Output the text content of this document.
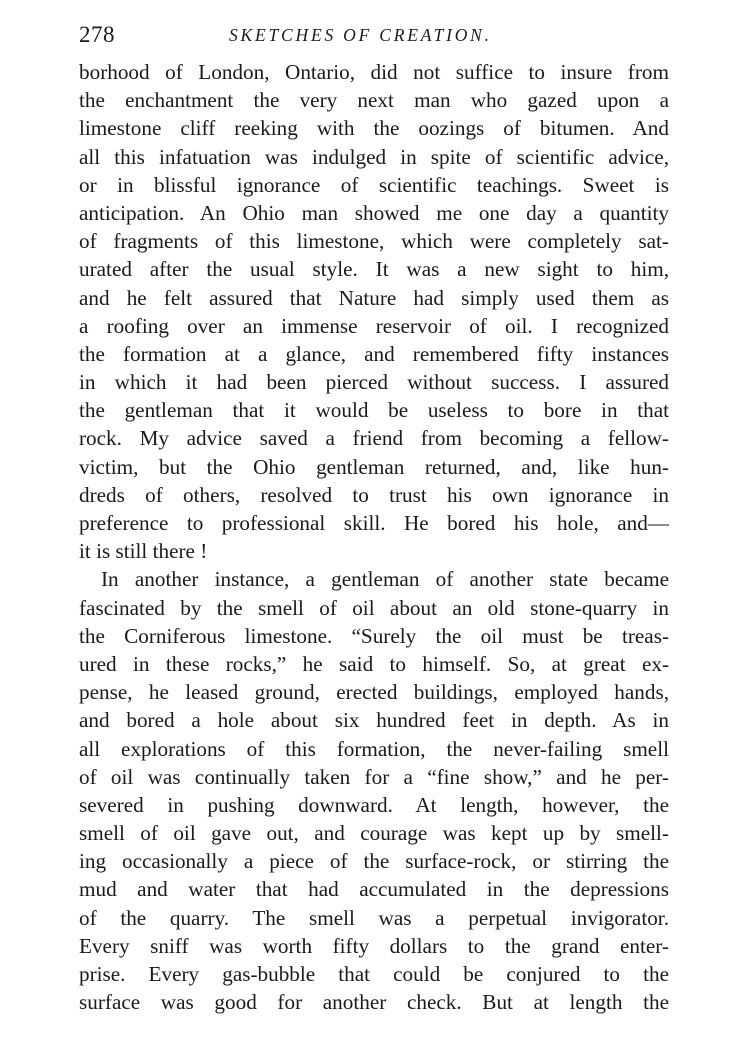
278	SKETCHES OF CREATION.
borhood of London, Ontario, did not suffice to insure from
the enchantment the very next man who gazed upon a
limestone cliff reeking with the oozings of bitumen. And
all this infatuation was indulged in spite of scientific advice,
or in blissful ignorance of scientific teachings. Sweet is
anticipation. An Ohio man showed me one day a quantity
of fragments of this limestone, which were completely sat-
urated after the usual style. It was a new sight to him,
and he felt assured that Nature had simply used them as
a roofing over an immense reservoir of oil. I recognized
the formation at a glance, and remembered fifty instances
in which it had been pierced without success. I assured
the gentleman that it would be useless to bore in that
rock. My advice saved a friend from becoming a fellow-
victim, but the Ohio gentleman returned, and, like hun-
dreds of others, resolved to trust his own ignorance in
preference to professional skill. He bored his hole, and—
it is still there !
In another instance, a gentleman of another state became
fascinated by the smell of oil about an old stone-quarry in
the Corniferous limestone. “Surely the oil must be treas-
ured in these rocks,” he said to himself. So, at great ex-
pense, he leased ground, erected buildings, employed hands,
and bored a hole about six hundred feet in depth. As in
all explorations of this formation, the never-failing smell
of oil was continually taken for a “fine show,” and he per-
severed in pushing downward. At length, however, the
smell of oil gave out, and courage was kept up by smell-
ing occasionally a piece of the surface-rock, or stirring the
mud and water that had accumulated in the depressions
of the quarry. The smell was a perpetual invigorator.
Every sniff was worth fifty dollars to the grand enter-
prise. Every gas-bubble that could be conjured to the
surface was good for another check. But at length the
